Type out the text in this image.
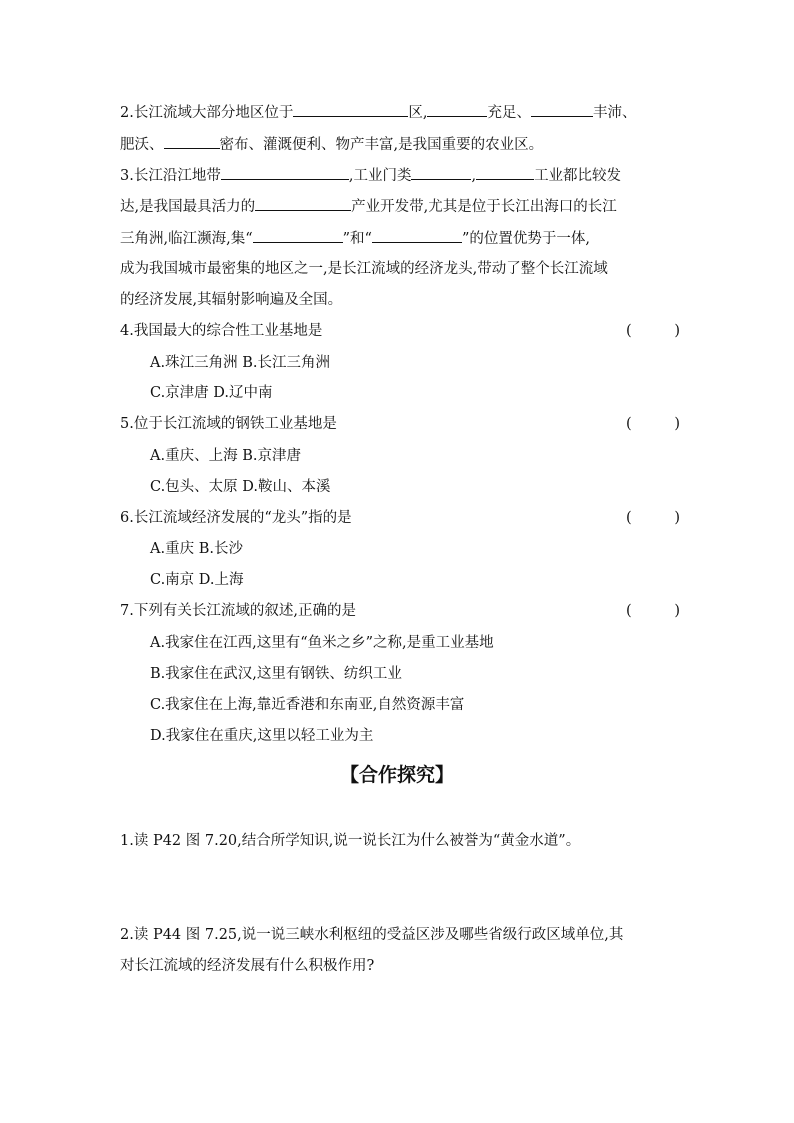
2.长江流域大部分地区位于	区,	充足、	丰沛、
肥沃、	密布、灌溉便利、物产丰富,是我国重要的农业区。
3.长江沿江地带	,工业门类	,	工业都比较发
达,是我国最具活力的	产业开发带,尤其是位于长江出海口的长江
三角洲,临江濒海,集“	”和“	”的位置优势于一体,
成为我国城市最密集的地区之一,是长江流域的经济龙头,带动了整个长江流域
的经济发展,其辐射影响遍及全国。
4.我国最大的综合性工业基地是	(	)
A.珠江三角洲 B.长江三角洲
C.京津唐 D.辽中南
5.位于长江流域的钢铁工业基地是	(	)
A.重庆、上海 B.京津唐
C.包头、太原 D.鞍山、本溪
6.长江流域经济发展的“龙头”指的是	(	)
A.重庆 B.长沙
C.南京 D.上海
7.下列有关长江流域的叙述,正确的是	(	)
A.我家住在江西,这里有“鱼米之乡”之称,是重工业基地
B.我家住在武汉,这里有钢铁、纺织工业
C.我家住在上海,靠近香港和东南亚,自然资源丰富
D.我家住在重庆,这里以轻工业为主
【合作探究】
1.读 P42 图 7.20,结合所学知识,说一说长江为什么被誉为“黄金水道”。
2.读 P44 图 7.25,说一说三峡水利枢纽的受益区涉及哪些省级行政区域单位,其
对长江流域的经济发展有什么积极作用?
